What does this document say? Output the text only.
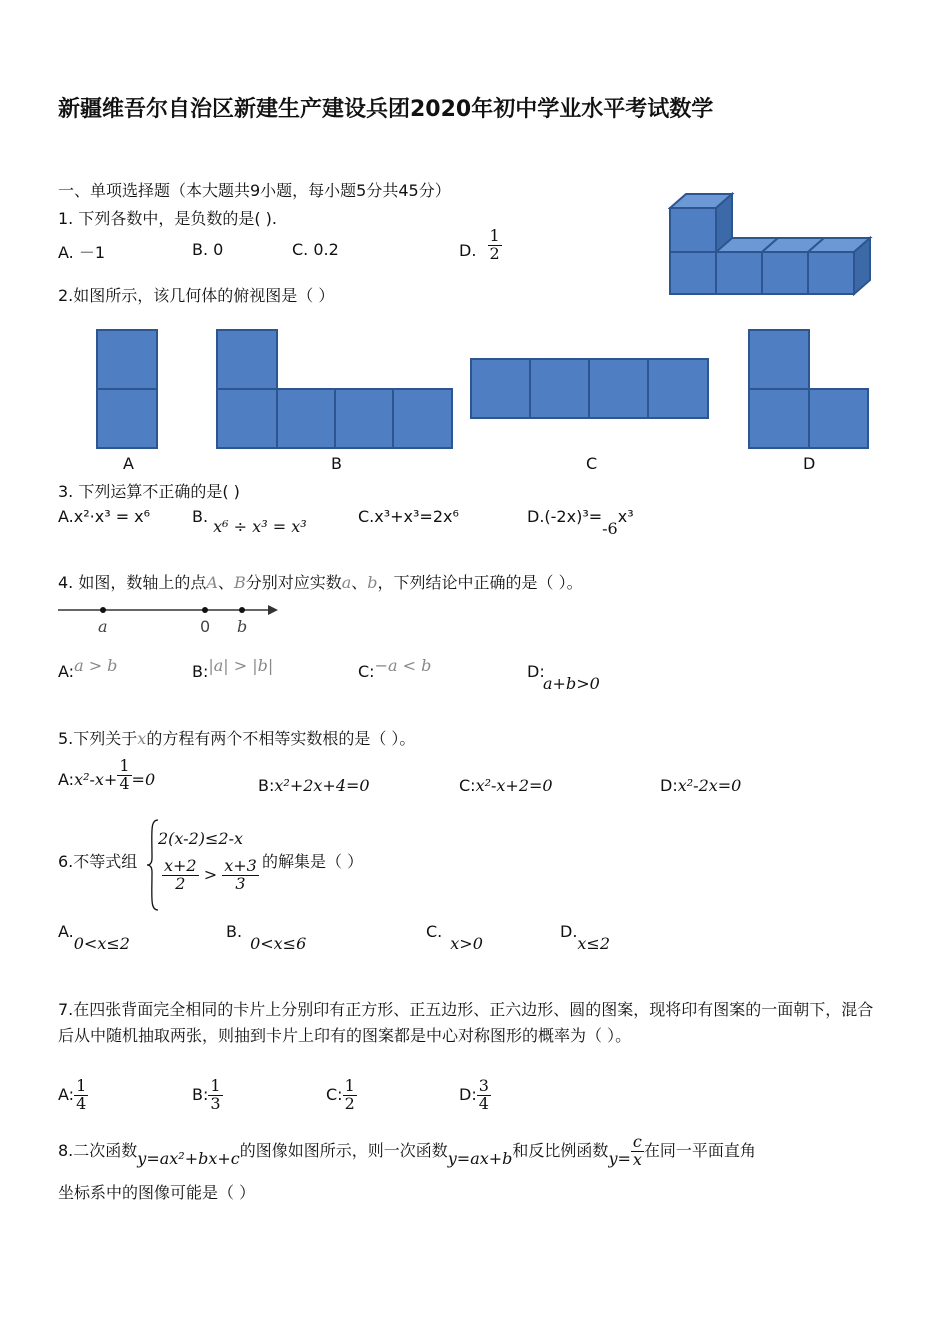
新疆维吾尔自治区新建生产建设兵团2020年初中学业水平考试数学
一、单项选择题（本大题共9小题，每小题5分共45分）
1. 下列各数中，是负数的是( ).
A. －1	B. 0	C. 0.2	D. $\frac{1}{2}$
2.如图所示，该几何体的俯视图是（ ）
A	B	C	D
3. 下列运算不正确的是( )
A.x²·x³ = x⁶	B. x⁶ ÷ x³ = x³
C.x³+x³=2x⁶	D.(-2x)³=-6x³
4. 如图，数轴上的点A、B分别对应实数a、b，下列结论中正确的是（ ）。
a	0 b
A:a > b	B:|a| > |b|	C:−a < b	D:
a+b>0
5.下列关于x的方程有两个不相等实数根的是（ ）。
A:x²-x+ $\frac{1}{4} =0$	B:x²+2x+4=0	C:x²-x+2=0	D:x²-2x=0
6.不等式组
2(x-2)≤2-x
$\frac{x+2}{2} > \frac{x+3}{3}$ 的解集是（ ）
A.0<x≤2
B.0<x≤6
C.x>0
D.x≤2
7.在四张背面完全相同的卡片上分别印有正方形、正五边形、正六边形、圆的图案，现将印有图案的一面朝下，混合后从中随机抽取两张，则抽到卡片上印有的图案都是中心对称图形的概率为（ ）。
A: $\frac{1}{4}$	B: $\frac{1}{3}$	C: $\frac{1}{2}$	D: $\frac{3}{4}$
8.二次函数y=ax²+bx+c的图像如图所示，则一次函数y=ax+b和反比例函数$y= \frac{c}{x}$ 在同一平面直角
坐标系中的图像可能是（ ）
